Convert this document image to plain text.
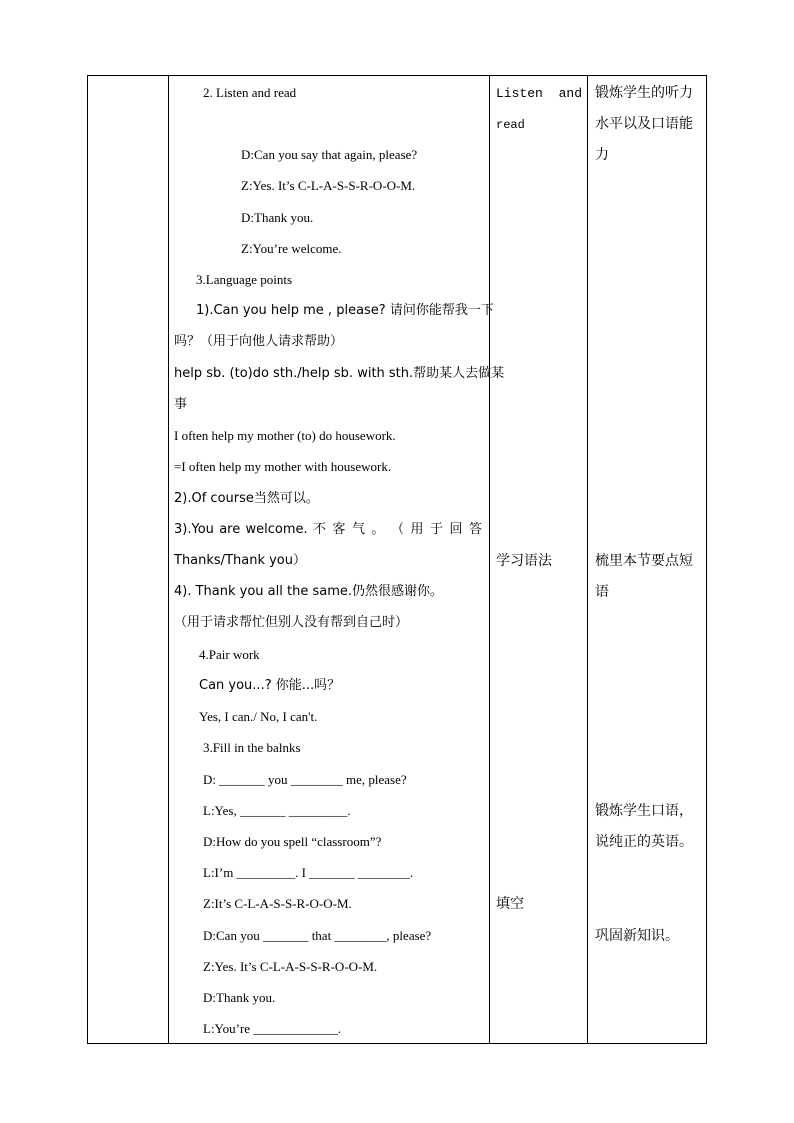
2. Listen and read
D:Can you say that again, please?
Z:Yes. It’s C-L-A-S-S-R-O-O-M.
D:Thank you.
Z:You’re welcome.
3.Language points
1).Can you help me , please? 请问你能帮我一下
吗？（用于向他人请求帮助）
help sb. (to)do sth./help sb. with sth.帮助某人去做某
事
I often help my mother (to) do housework.
=I often help my mother with housework.
2).Of course当然可以。
3).You are welcome. 不 客 气 。 （ 用 于 回 答
Thanks/Thank you）
4). Thank you all the same.仍然很感谢你。
（用于请求帮忙但别人没有帮到自己时）
4.Pair work
Can you...? 你能...吗？
Yes, I can./ No, I can't.
3.Fill in the balnks
D: _______ you ________ me, please?
L:Yes, _______ _________.
D:How do you spell “classroom”?
L:I’m _________. I _______ ________.
Z:It’s C-L-A-S-S-R-O-O-M.
D:Can you _______ that ________, please?
Z:Yes. It’s C-L-A-S-S-R-O-O-M.
D:Thank you.
L:You’re _____________.
Listen and
read
学习语法
填空
锻炼学生的听力
水平以及口语能
力
梳里本节要点短
语
锻炼学生口语，
说纯正的英语。
巩固新知识。
